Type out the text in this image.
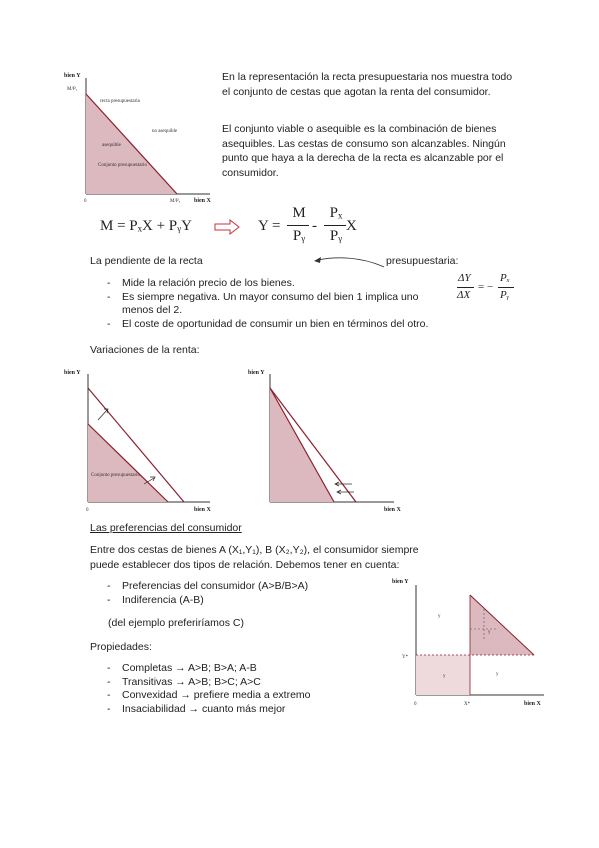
bien Y
M/Pᵧ
recta presupuestaria
no asequible
asequible
Conjunto presupuestario
0	M/Pₓ bien X
En la representación la recta presupuestaria nos muestra todo el conjunto de cestas que agotan la renta del consumidor.
El conjunto viable o asequible es la combinación de bienes asequibles. Las cestas de consumo son alcanzables. Ningún punto que haya a la derecha de la recta es alcanzable por el consumidor.
M = PₓX + PᵧY	Y =
M
Pᵧ
-
Pₓ
Pᵧ
X
La pendiente de la recta	presupuestaria:
- Mide la relación precio de los bienes.
- Es siempre negativa. Un mayor consumo del bien 1 implica uno menos del 2.
- El coste de oportunidad de consumir un bien en términos del otro.
ΔY
ΔX
= −
Pₓ
Pᵧ
Variaciones de la renta:
bien Y
Conjunto presupuestario
0	bien X
bien Y
bien X
Las preferencias del consumidor
Entre dos cestas de bienes A (X₁,Y₁), B (X₂,Y₂), el consumidor siempre puede establecer dos tipos de relación. Debemos tener en cuenta:
- Preferencias del consumidor (A>B/B>A)
- Indiferencia (A-B)
(del ejemplo preferiríamos C)
Propiedades:
- Completas → A>B; B>A; A-B
- Transitivas → A>B; B>C; A>C
- Convexidad → prefiere media a extremo
- Insaciabilidad → cuanto más mejor
y
y
y
y
bien Y
Y*
0	X*	bien X
